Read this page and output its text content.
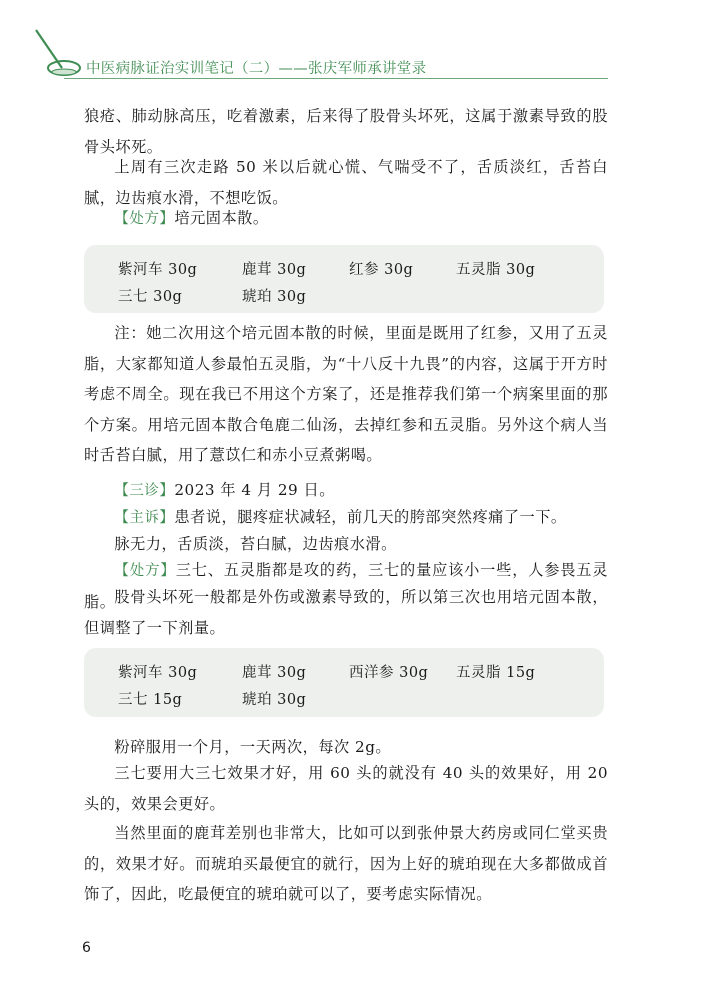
中医病脉证治实训笔记（二）——张庆军师承讲堂录

狼疮、肺动脉高压，吃着激素，后来得了股骨头坏死，这属于激素导致的股骨头坏死。

上周有三次走路 50 米以后就心慌、气喘受不了，舌质淡红，舌苔白腻，边齿痕水滑，不想吃饭。

【处方】培元固本散。

紫河车 30g	鹿茸 30g	红参 30g	五灵脂 30g
三七 30g	琥珀 30g

注：她二次用这个培元固本散的时候，里面是既用了红参，又用了五灵脂，大家都知道人参最怕五灵脂，为“十八反十九畏”的内容，这属于开方时考虑不周全。现在我已不用这个方案了，还是推荐我们第一个病案里面的那个方案。用培元固本散合龟鹿二仙汤，去掉红参和五灵脂。另外这个病人当时舌苔白腻，用了薏苡仁和赤小豆煮粥喝。

【三诊】2023 年 4 月 29 日。

【主诉】患者说，腿疼症状减轻，前几天的胯部突然疼痛了一下。

脉无力，舌质淡，苔白腻，边齿痕水滑。

【处方】三七、五灵脂都是攻的药，三七的量应该小一些，人参畏五灵脂。 股骨头坏死一般都是外伤或激素导致的，所以第三次也用培元固本散，但调整了一下剂量。

紫河车 30g	鹿茸 30g	西洋参 30g 五灵脂 15g
三七 15g	琥珀 30g

粉碎服用一个月，一天两次，每次 2g。

三七要用大三七效果才好，用 60 头的就没有 40 头的效果好，用 20 头的，效果会更好。

当然里面的鹿茸差别也非常大，比如可以到张仲景大药房或同仁堂买贵的，效果才好。而琥珀买最便宜的就行，因为上好的琥珀现在大多都做成首饰了，因此，吃最便宜的琥珀就可以了，要考虑实际情况。

6
